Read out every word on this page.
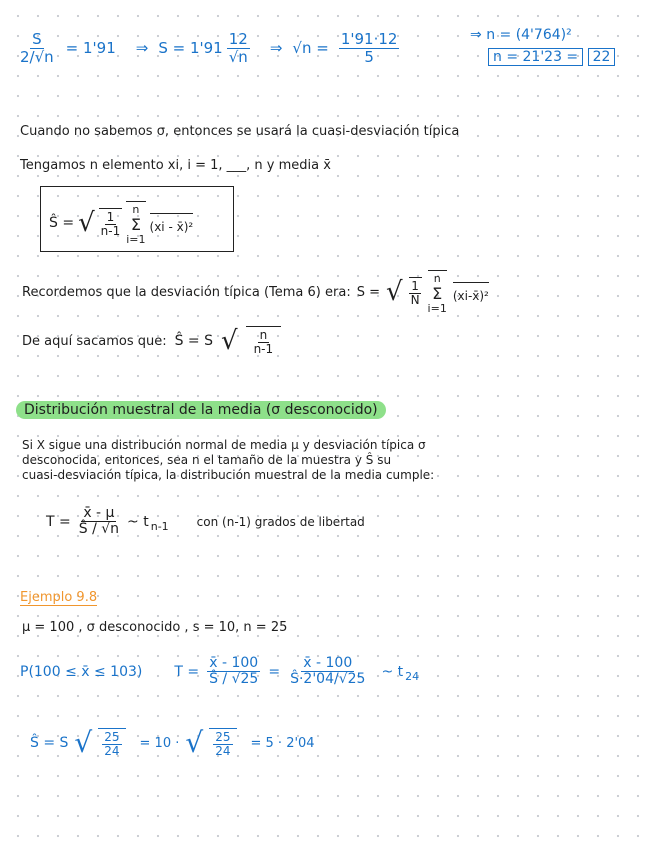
$\frac{S}{2/√n} = 1'91$ ⇒ $S = 1'91 \frac{12}{√n}$ ⇒ $√n = \frac{1'91\cdot 12}{5}$	⇒ n = (4'764)²
n = 21'23 = 22
Cuando no sabemos σ, entonces se usará la cuasi-desviación típica
Tengamos n elemento xi, i = 1, ___, n y media x̄
Ŝ = √ $\frac{1}{n-1}$ n
Σ
i=1
(xi - x̄)²
Recordemos que la desviación típica (Tema 6) era: S = √ $\frac{1}{N}$ n
Σ
i=1
(xi-x̄)²
De aquí sacamos que: Ŝ = S √ $\frac{n}{n-1}$
Distribución muestral de la media (σ desconocido)
Si X sigue una distribución normal de media μ y desviación típica σ
desconocida, entonces, sea n el tamaño de la muestra y Ŝ su
cuasi-desviación típica, la distribución muestral de la media cumple:
$T = \frac{x̄ - \mu}{Ŝ / √n}$ ~ t n-1 con (n-1) grados de libertad
Ejemplo 9.8
μ = 100 , σ desconocido , s = 10, n = 25
P(100 ≤ x̄ ≤ 103) $T = \frac{x̄ - 100}{Ŝ / √25} = \frac{x̄ - 100}{Ŝ\cdot 2'04/√25}$ ~ t 24
Ŝ = S √ $\frac{25}{24} = 10$ · √ $\frac{25}{24} = 5 \cdot 2'04$
